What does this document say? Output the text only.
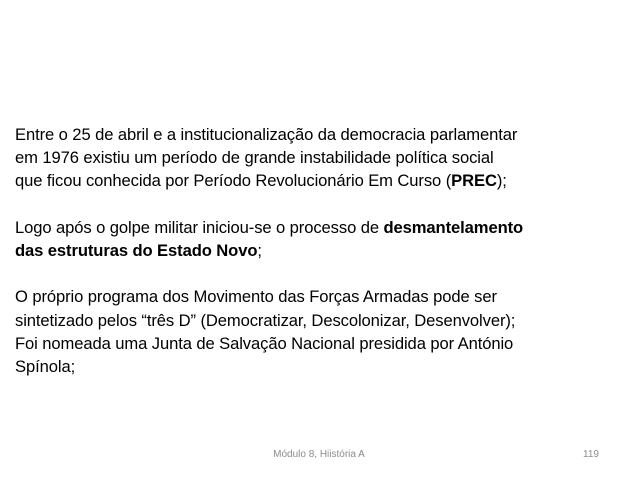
Entre o 25 de abril e a institucionalização da democracia parlamentar
em 1976 existiu um período de grande instabilidade política social
que ficou conhecida por Período Revolucionário Em Curso (PREC);

Logo após o golpe militar iniciou-se o processo de desmantelamento
das estruturas do Estado Novo;

O próprio programa dos Movimento das Forças Armadas pode ser
sintetizado pelos “três D” (Democratizar, Descolonizar, Desenvolver);
Foi nomeada uma Junta de Salvação Nacional presidida por António
Spínola;

Módulo 8, Hiistória A	119
